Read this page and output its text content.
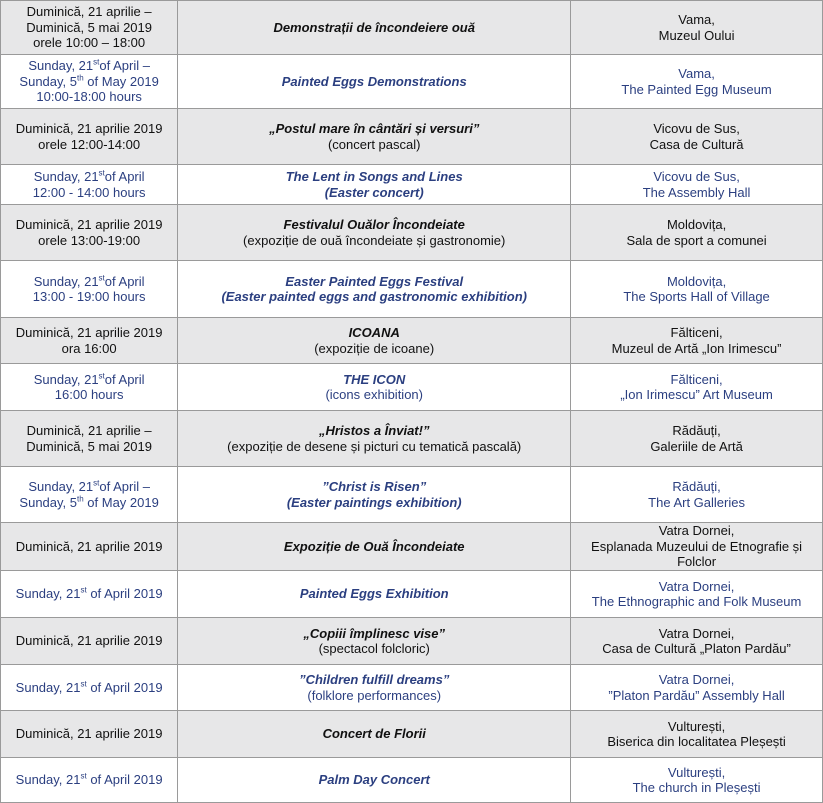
Duminică, 21 aprilie –
Duminică, 5 mai 2019
orele 10:00 – 18:00	Demonstrații de încondeiere ouă	Vama,
Muzeul Oului

Sunday, 21stof April –
Sunday, 5th of May 2019
10:00-18:00 hours	Painted Eggs Demonstrations	Vama,
The Painted Egg Museum

Duminică, 21 aprilie 2019
orele 12:00-14:00	„Postul mare în cântări și versuri”
(concert pascal)	Vicovu de Sus,
Casa de Cultură

Sunday, 21stof April
12:00 - 14:00 hours	The Lent in Songs and Lines
(Easter concert)	Vicovu de Sus,
The Assembly Hall

Duminică, 21 aprilie 2019
orele 13:00-19:00	Festivalul Ouălor Încondeiate
(expoziție de ouă încondeiate și gastronomie)	Moldovița,
Sala de sport a comunei

Sunday, 21stof April
13:00 - 19:00 hours	Easter Painted Eggs Festival
(Easter painted eggs and gastronomic exhibition)	Moldovița,
The Sports Hall of Village

Duminică, 21 aprilie 2019
ora 16:00	ICOANA
(expoziție de icoane)	Fălticeni,
Muzeul de Artă „Ion Irimescu”

Sunday, 21stof April
16:00 hours	THE ICON
(icons exhibition)	Fălticeni,
„Ion Irimescu” Art Museum

Duminică, 21 aprilie –
Duminică, 5 mai 2019	„Hristos a Înviat!”
(expoziție de desene și picturi cu tematică pascală)	Rădăuți,
Galeriile de Artă

Sunday, 21stof April –
Sunday, 5th of May 2019	”Christ is Risen”
(Easter paintings exhibition)	Rădăuți,
The Art Galleries

Duminică, 21 aprilie 2019	Expoziție de Ouă Încondeiate	Vatra Dornei,
Esplanada Muzeului de Etnografie și
Folclor

Sunday, 21st of April 2019	Painted Eggs Exhibition	Vatra Dornei,
The Ethnographic and Folk Museum

Duminică, 21 aprilie 2019	„Copiii împlinesc vise”
(spectacol folcloric)	Vatra Dornei,
Casa de Cultură „Platon Pardău”

Sunday, 21st of April 2019	”Children fulfill dreams”
(folklore performances)	Vatra Dornei,
”Platon Pardău” Assembly Hall

Duminică, 21 aprilie 2019	Concert de Florii	Vulturești,
Biserica din localitatea Pleșești

Sunday, 21st of April 2019	Palm Day Concert	Vulturești,
The church in Pleșești
